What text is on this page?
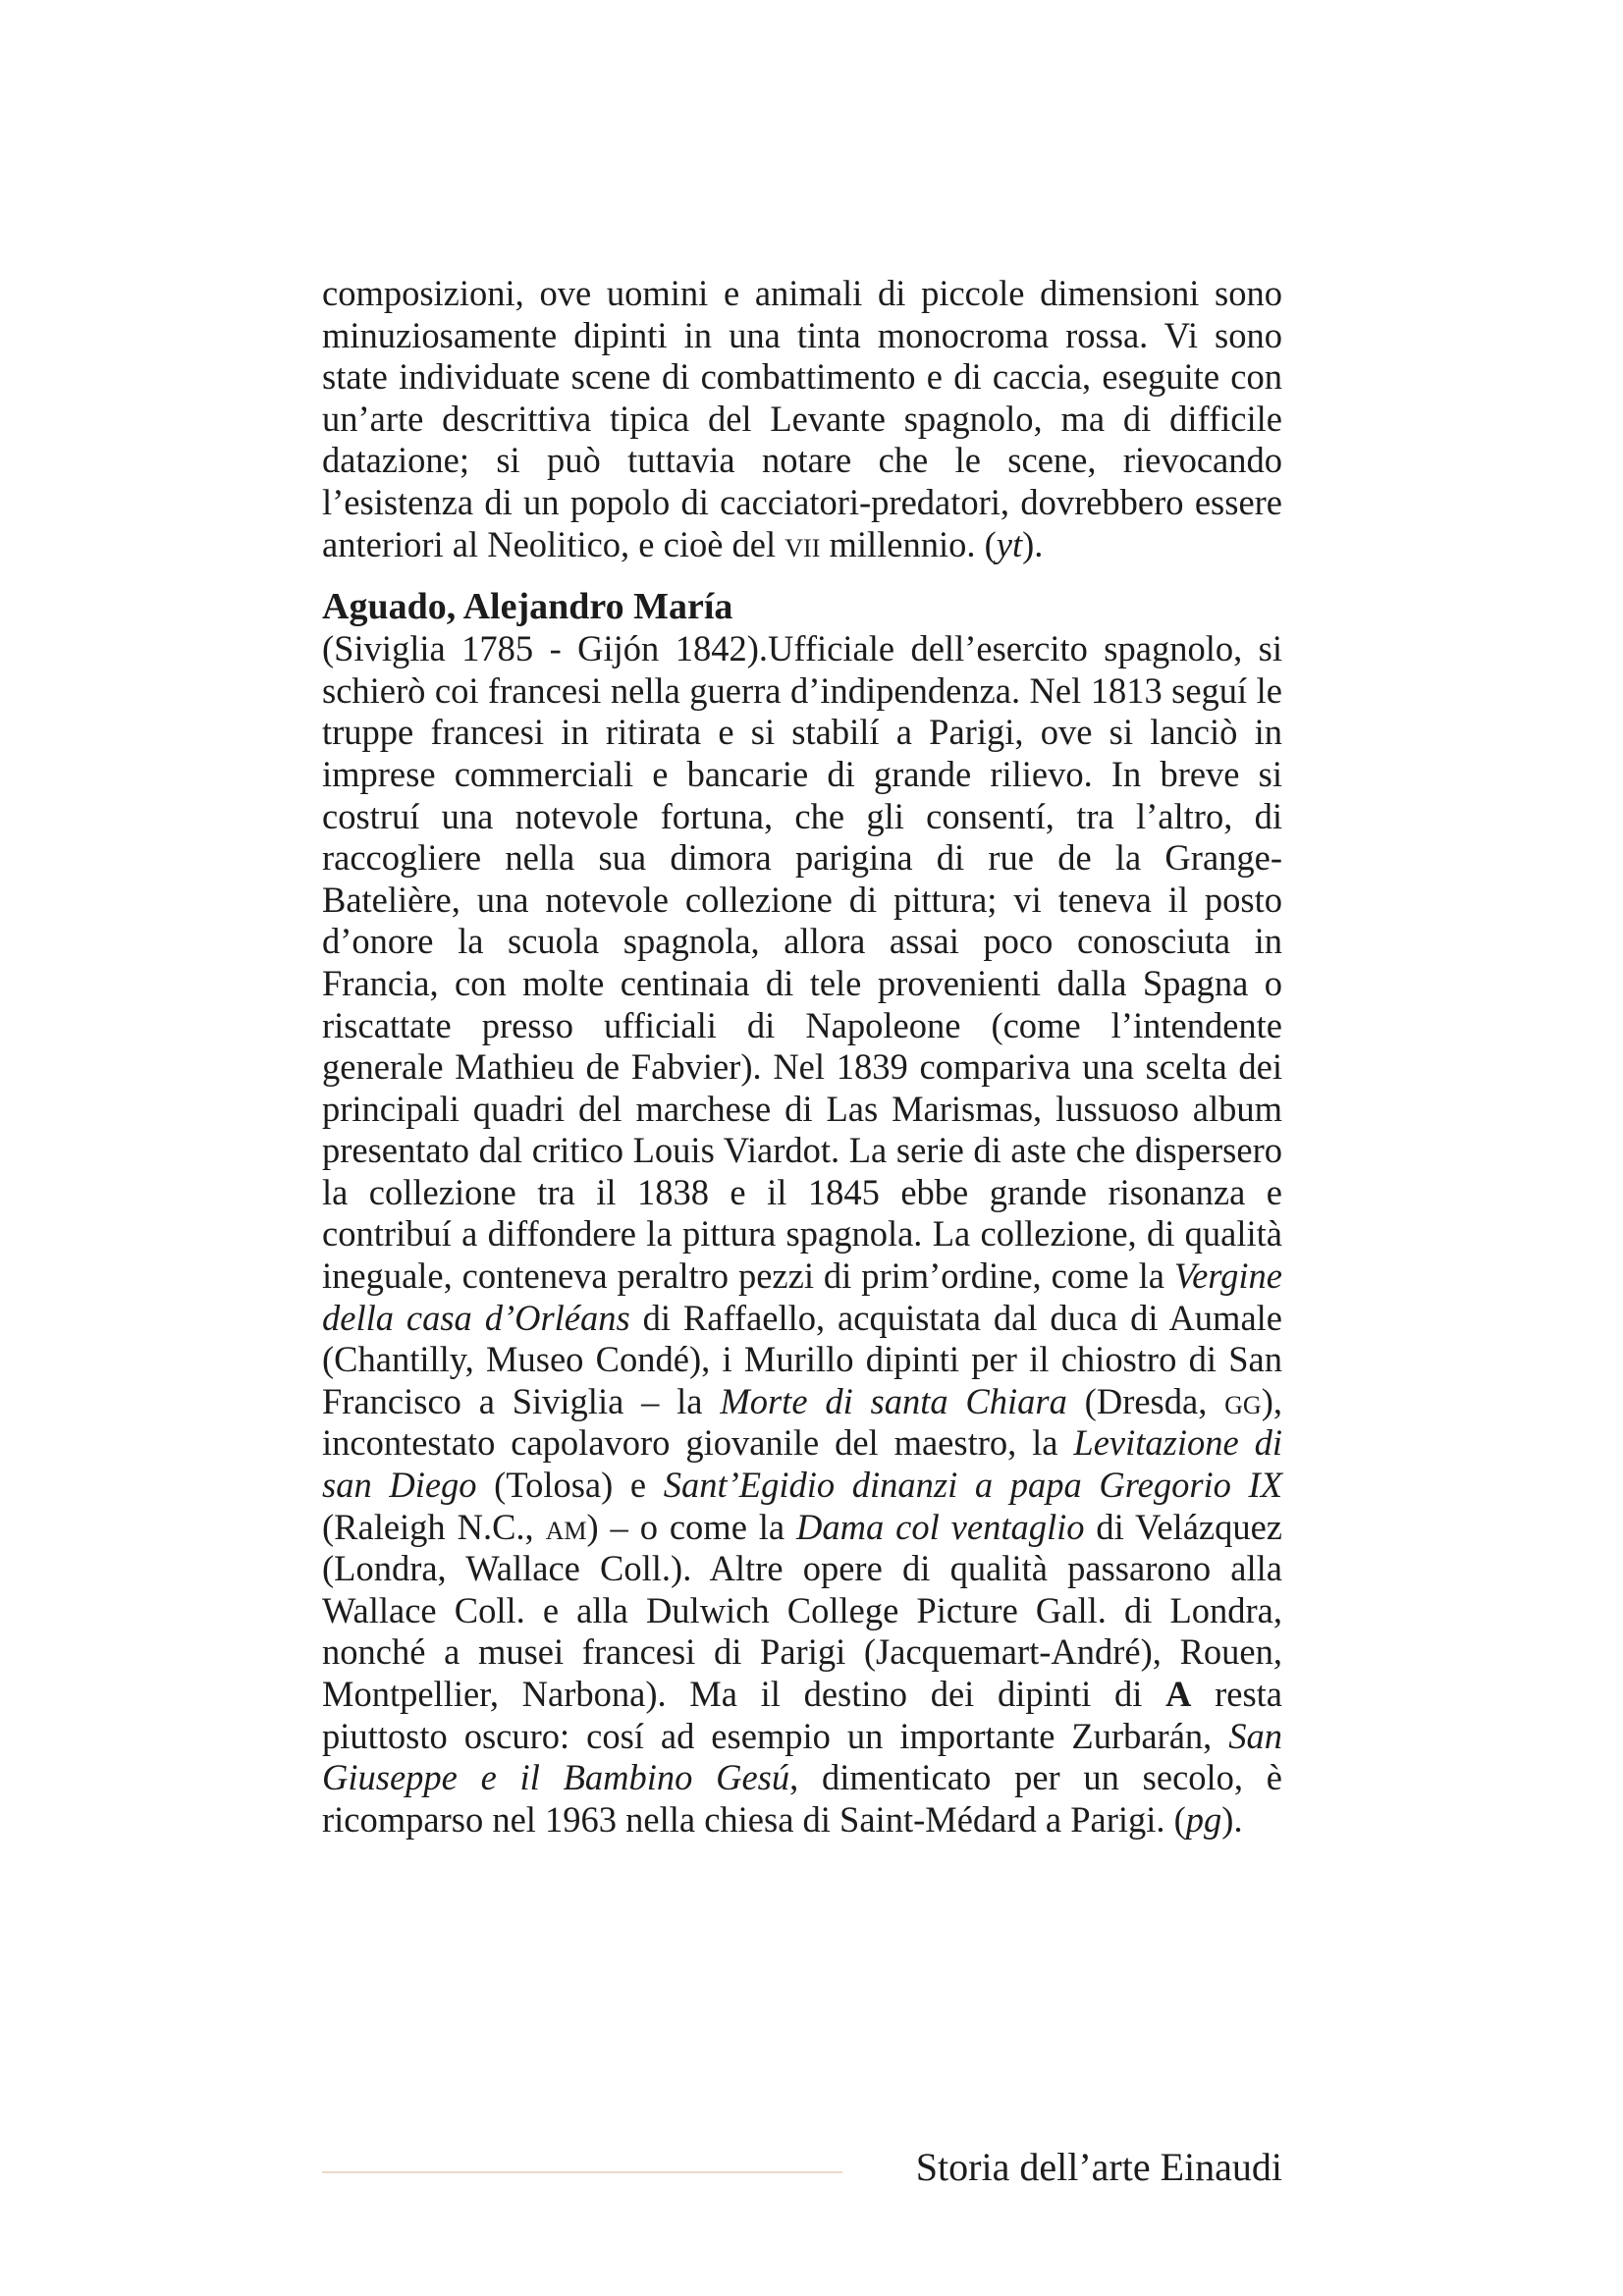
composizioni, ove uomini e animali di piccole dimensioni sono minuziosamente dipinti in una tinta monocroma rossa. Vi sono state individuate scene di combattimento e di caccia, eseguite con un’arte descrittiva tipica del Levante spagnolo, ma di difficile datazione; si può tuttavia notare che le scene, rievocando l’esistenza di un popolo di cacciatori-predatori, dovrebbero essere anteriori al Neolitico, e cioè del vii millennio. (yt).

Aguado, Alejandro María

(Siviglia 1785 - Gijón 1842).Ufficiale dell’esercito spagnolo, si schierò coi francesi nella guerra d’indipendenza. Nel 1813 seguí le truppe francesi in ritirata e si stabilí a Parigi, ove si lanciò in imprese commerciali e bancarie di grande rilievo. In breve si costruí una notevole fortuna, che gli consentí, tra l’altro, di raccogliere nella sua dimora parigina di rue de la Grange-Batelière, una notevole collezione di pittura; vi teneva il posto d’onore la scuola spagnola, allora assai poco conosciuta in Francia, con molte centinaia di tele provenienti dalla Spagna o riscattate presso ufficiali di Napoleone (come l’intendente generale Mathieu de Fabvier). Nel 1839 compariva una scelta dei principali quadri del marchese di Las Marismas, lussuoso album presentato dal critico Louis Viardot. La serie di aste che dispersero la collezione tra il 1838 e il 1845 ebbe grande risonanza e contribuí a diffondere la pittura spagnola. La collezione, di qualità ineguale, conteneva peraltro pezzi di prim’ordine, come la Vergine della casa d’Orléans di Raffaello, acquistata dal duca di Aumale (Chantilly, Museo Condé), i Murillo dipinti per il chiostro di San Francisco a Siviglia – la Morte di santa Chiara (Dresda, gg), incontestato capolavoro giovanile del maestro, la Levitazione di san Diego (Tolosa) e Sant’Egidio dinanzi a papa Gregorio IX (Raleigh N.C., am) – o come la Dama col ventaglio di Velázquez (Londra, Wallace Coll.). Altre opere di qualità passarono alla Wallace Coll. e alla Dulwich College Picture Gall. di Londra, nonché a musei francesi di Parigi (Jacquemart-André), Rouen, Montpellier, Narbona). Ma il destino dei dipinti di A resta piuttosto oscuro: cosí ad esempio un importante Zurbarán, San Giuseppe e il Bambino Gesú, dimenticato per un secolo, è ricomparso nel 1963 nella chiesa di Saint-Médard a Parigi. (pg).

Storia dell’arte Einaudi
